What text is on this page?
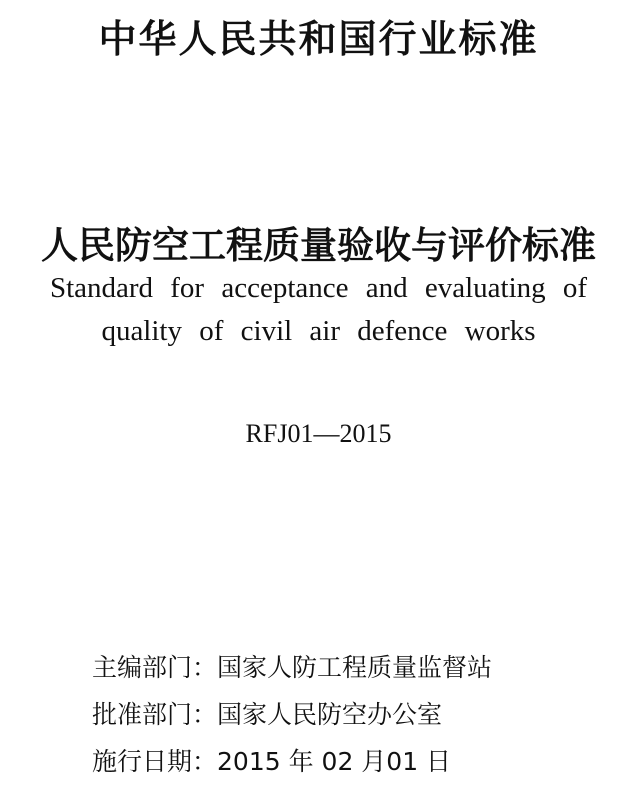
中华人民共和国行业标准
人民防空工程质量验收与评价标准
Standard for acceptance and evaluating of
quality of civil air defence works
RFJ01—2015
主编部门：国家人防工程质量监督站
批准部门：国家人民防空办公室
施行日期：2015 年 02 月01 日
